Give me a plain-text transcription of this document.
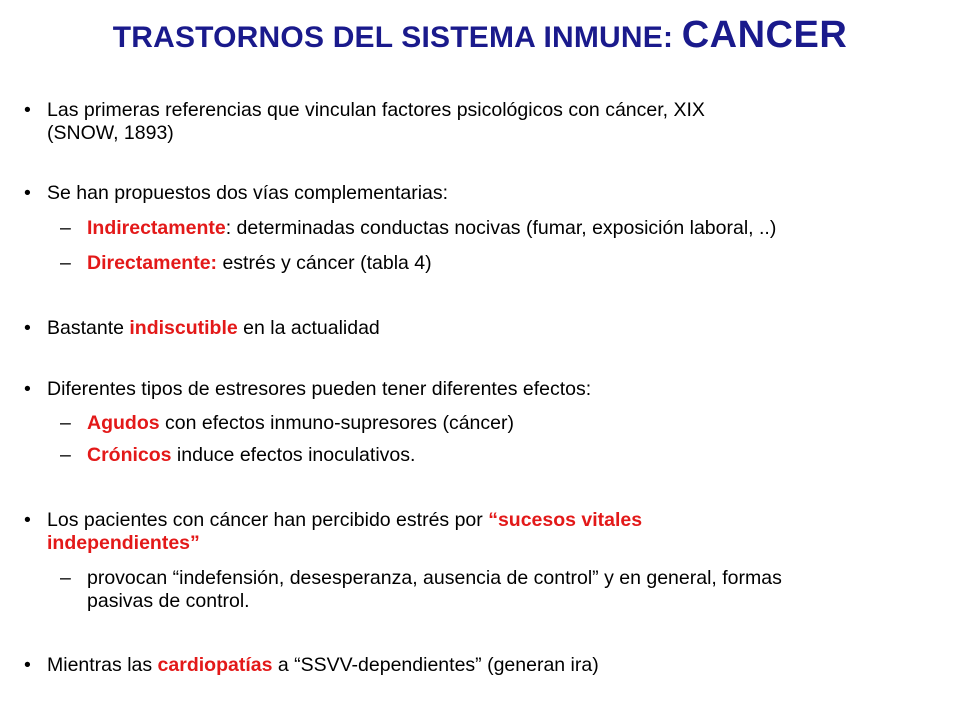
TRASTORNOS DEL SISTEMA INMUNE: CANCER
• Las primeras referencias que vinculan factores psicológicos con cáncer, XIX
(SNOW, 1893)
• Se han propuestos dos vías complementarias:
– Indirectamente: determinadas conductas nocivas (fumar, exposición laboral, ..)
– Directamente: estrés y cáncer (tabla 4)
• Bastante indiscutible en la actualidad
• Diferentes tipos de estresores pueden tener diferentes efectos:
– Agudos con efectos inmuno-supresores (cáncer)
– Crónicos induce efectos inoculativos.
• Los pacientes con cáncer han percibido estrés por “sucesos vitales
independientes”
– provocan “indefensión, desesperanza, ausencia de control” y en general, formas
pasivas de control.
• Mientras las cardiopatías a “SSVV-dependientes” (generan ira)
